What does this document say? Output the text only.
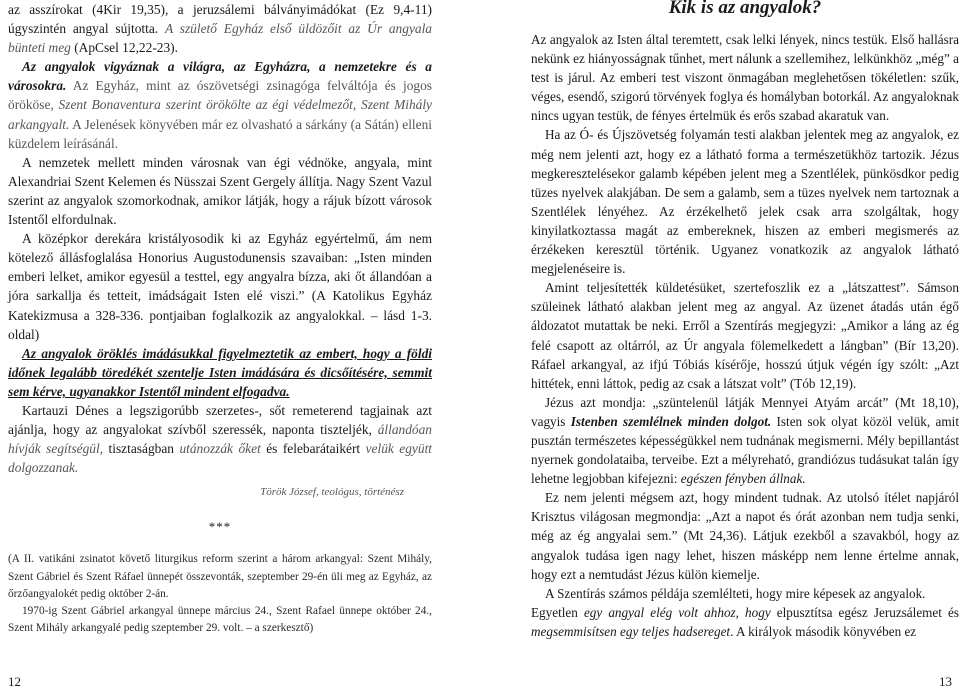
az asszírokat (4Kir 19,35), a jeruzsálemi bálványimádókat (Ez 9,4-11) úgyszintén angyal sújtotta. A születő Egyház első üldözőit az Úr angyala bünteti meg (ApCsel 12,22-23).

Az angyalok vigyáznak a világra, az Egyházra, a nemzetekre és a városokra. Az Egyház, mint az ószövetségi zsinagóga felváltója és jogos örököse, Szent Bonaventura szerint örökölte az égi védelmezőt, Szent Mihály arkangyalt. A Jelenések könyvében már ez olvasható a sárkány (a Sátán) elleni küzdelem leírásánál.

A nemzetek mellett minden városnak van égi védnöke, angyala, mint Alexandriai Szent Kelemen és Nüsszai Szent Gergely állítja. Nagy Szent Vazul szerint az angyalok szomorkodnak, amikor látják, hogy a rájuk bízott városok Istentől elfordulnak.

A középkor derekára kristályosodik ki az Egyház egyértelmű, ám nem kötelező állásfoglalása Honorius Augustodunensis szavaiban: „Isten minden emberi lelket, amikor egyesül a testtel, egy angyalra bízza, aki őt állandóan a jóra sarkallja és tetteit, imádságait Isten elé viszi.” (A Katolikus Egyház Katekizmusa a 328-336. pontjaiban foglalkozik az angyalokkal. – lásd 1-3. oldal)

Az angyalok öröklés imádásukkal figyelmeztetik az embert, hogy a földi időnek legalább töredékét szentelje Isten imádására és dicsőítésére, semmit sem kérve, ugyanakkor Istentől mindent elfogadva.

Kartauzi Dénes a legszigorúbb szerzetes-, sőt remeterend tagjainak azt ajánlja, hogy az angyalokat szívből szeressék, naponta tiszteljék, állandóan hívják segítségül, tisztaságban utánozzák őket és felebarátaikért velük együtt dolgozzanak.

Török József, teológus, történész
***

(A II. vatikáni zsinatot követő liturgikus reform szerint a három arkangyal: Szent Mihály, Szent Gábriel és Szent Ráfael ünnepét összevonták, szeptember 29-én üli meg az Egyház, az őrzőangyalokét pedig október 2-án.

1970-ig Szent Gábriel arkangyal ünnepe március 24., Szent Rafael ünnepe október 24., Szent Mihály arkangyalé pedig szeptember 29. volt. – a szerkesztő)

Kik is az angyalok?

Az angyalok az Isten által teremtett, csak lelki lények, nincs testük. Első hallásra nekünk ez hiányosságnak tűnhet, mert nálunk a szellemihez, lelkünkhöz „még” a test is járul. Az emberi test viszont önmagában meglehetősen tökéletlen: szűk, véges, esendő, szigorú törvények foglya és homályban botorkál. Az angyaloknak nincs ugyan testük, de fényes értelmük és erős szabad akaratuk van.

Ha az Ó- és Újszövetség folyamán testi alakban jelentek meg az angyalok, ez még nem jelenti azt, hogy ez a látható forma a természetükhöz tartozik. Jézus megkeresztelésekor galamb képében jelent meg a Szentlélek, pünkösdkor pedig tüzes nyelvek alakjában. De sem a galamb, sem a tüzes nyelvek nem tartoznak a Szentlélek lényéhez. Az érzékelhető jelek csak arra szolgáltak, hogy kinyilatkoztassa magát az embereknek, hiszen az emberi megismerés az érzékeken keresztül történik. Ugyanez vonatkozik az angyalok látható megjelenéseire is.

Amint teljesítették küldetésüket, szertefoszlik ez a „látszattest”. Sámson szüleinek látható alakban jelent meg az angyal. Az üzenet átadás után égő áldozatot mutattak be neki. Erről a Szentírás megjegyzi: „Amikor a láng az ég felé csapott az oltárról, az Úr angyala fölemelkedett a lángban” (Bír 13,20). Ráfael arkangyal, az ifjú Tóbiás kísérője, hosszú útjuk végén így szólt: „Azt hittétek, enni láttok, pedig az csak a látszat volt” (Tób 12,19).

Jézus azt mondja: „szüntelenül látják Mennyei Atyám arcát” (Mt 18,10), vagyis Istenben szemlélnek minden dolgot. Isten sok olyat közöl velük, amit pusztán természetes képességükkel nem tudnának megismerni. Mély bepillantást nyernek gondolataiba, terveibe. Ezt a mélyreható, grandiózus tudásukat talán így lehetne legjobban kifejezni: egészen fényben állnak.

Ez nem jelenti mégsem azt, hogy mindent tudnak. Az utolsó ítélet napjáról Krisztus világosan megmondja: „Azt a napot és órát azonban nem tudja senki, még az ég angyalai sem.” (Mt 24,36). Látjuk ezekből a szavakból, hogy az angyalok tudása igen nagy lehet, hiszen másképp nem lenne értelme annak, hogy ezt a nemtudást Jézus külön kiemelje.

A Szentírás számos példája szemlélteti, hogy mire képesek az angyalok.

Egyetlen egy angyal elég volt ahhoz, hogy elpusztítsa egész Jeruzsálemet és megsemmisítsen egy teljes hadsereget. A királyok második könyvében ez

12	13
